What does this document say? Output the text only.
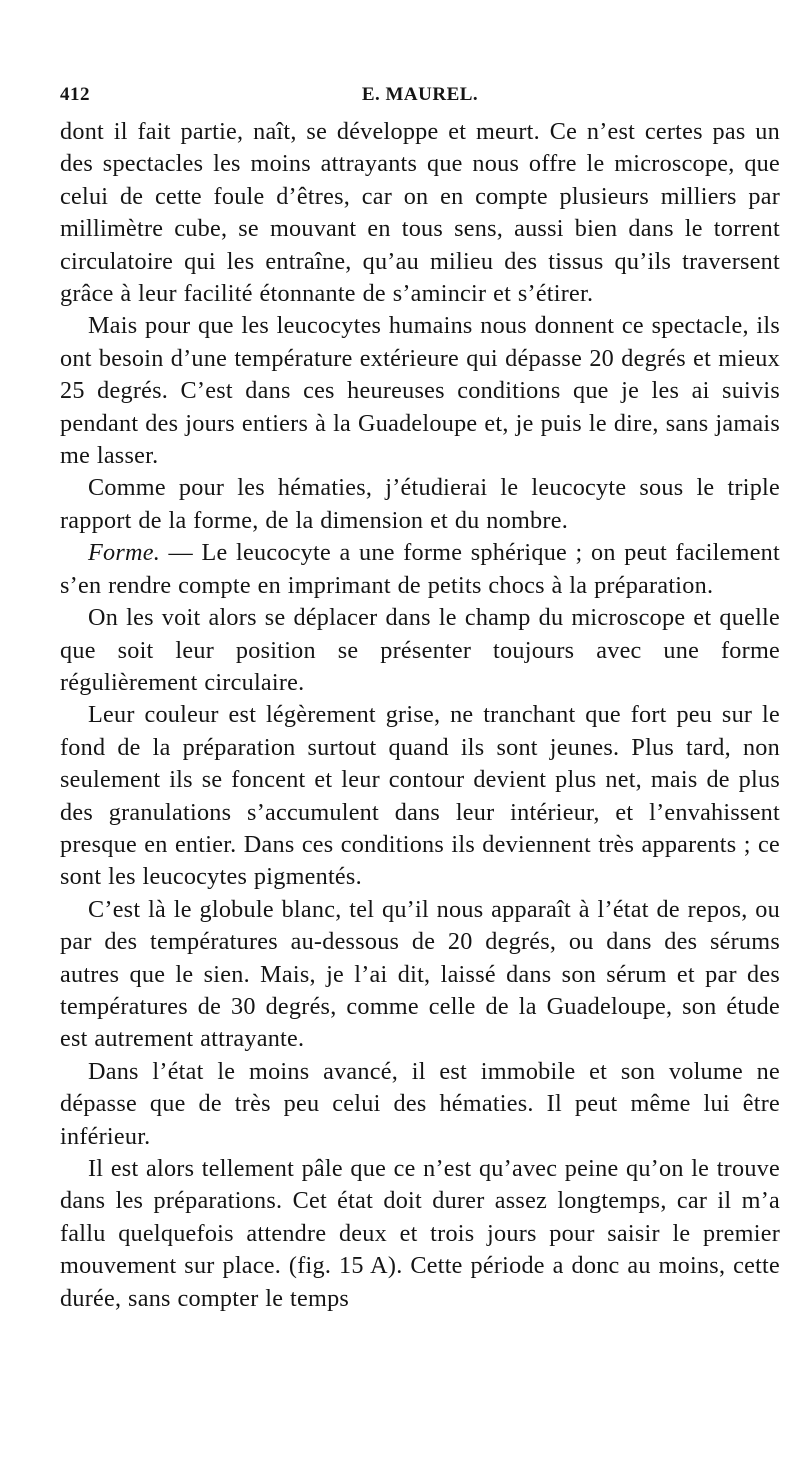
412	E. MAUREL.

dont il fait partie, naît, se développe et meurt. Ce n’est certes pas un des spectacles les moins attrayants que nous offre le microscope, que celui de cette foule d’êtres, car on en compte plusieurs milliers par millimètre cube, se mouvant en tous sens, aussi bien dans le torrent circulatoire qui les entraîne, qu’au milieu des tissus qu’ils traversent grâce à leur facilité étonnante de s’amincir et s’étirer.

Mais pour que les leucocytes humains nous donnent ce spectacle, ils ont besoin d’une température extérieure qui dépasse 20 degrés et mieux 25 degrés. C’est dans ces heureuses conditions que je les ai suivis pendant des jours entiers à la Guadeloupe et, je puis le dire, sans jamais me lasser.

Comme pour les hématies, j’étudierai le leucocyte sous le triple rapport de la forme, de la dimension et du nombre.

Forme. — Le leucocyte a une forme sphérique ; on peut facilement s’en rendre compte en imprimant de petits chocs à la préparation.

On les voit alors se déplacer dans le champ du microscope et quelle que soit leur position se présenter toujours avec une forme régulièrement circulaire.

Leur couleur est légèrement grise, ne tranchant que fort peu sur le fond de la préparation surtout quand ils sont jeunes. Plus tard, non seulement ils se foncent et leur contour devient plus net, mais de plus des granulations s’accumulent dans leur intérieur, et l’envahissent presque en entier. Dans ces conditions ils deviennent très apparents ; ce sont les leucocytes pigmentés.

C’est là le globule blanc, tel qu’il nous apparaît à l’état de repos, ou par des températures au-dessous de 20 degrés, ou dans des sérums autres que le sien. Mais, je l’ai dit, laissé dans son sérum et par des températures de 30 degrés, comme celle de la Guadeloupe, son étude est autrement attrayante.

Dans l’état le moins avancé, il est immobile et son volume ne dépasse que de très peu celui des hématies. Il peut même lui être inférieur.

Il est alors tellement pâle que ce n’est qu’avec peine qu’on le trouve dans les préparations. Cet état doit durer assez longtemps, car il m’a fallu quelquefois attendre deux et trois jours pour saisir le premier mouvement sur place. (fig. 15 A). Cette période a donc au moins, cette durée, sans compter le temps
